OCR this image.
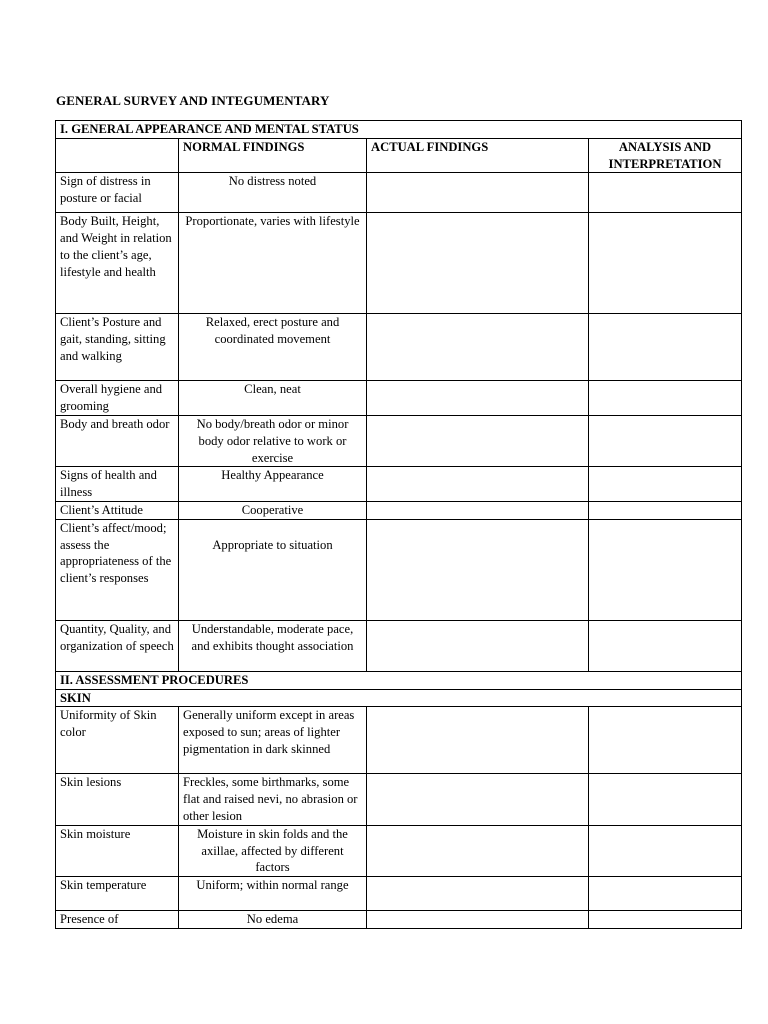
GENERAL SURVEY AND INTEGUMENTARY
I. GENERAL APPEARANCE AND MENTAL STATUS			
	NORMAL FINDINGS	ACTUAL FINDINGS	ANALYSIS AND INTERPRETATION
Sign of distress in posture or facial	No distress noted		
Body Built, Height, and Weight in relation to the client’s age, lifestyle and health	Proportionate, varies with lifestyle		
Client’s Posture and gait, standing, sitting and walking	Relaxed, erect posture and coordinated movement		
Overall hygiene and grooming	Clean, neat		
Body and breath odor	No body/breath odor or minor body odor relative to work or exercise		
Signs of health and illness	Healthy Appearance		
Client’s Attitude	Cooperative		
Client’s affect/mood; assess the appropriateness of the client’s responses	Appropriate to situation		
Quantity, Quality, and organization of speech	Understandable, moderate pace, and exhibits thought association		
II. ASSESSMENT PROCEDURES			
SKIN			
Uniformity of Skin color	Generally uniform except in areas exposed to sun; areas of lighter pigmentation in dark skinned		
Skin lesions	Freckles, some birthmarks, some flat and raised nevi, no abrasion or other lesion		
Skin moisture	Moisture in skin folds and the axillae, affected by different factors		
Skin temperature	Uniform; within normal range		
Presence of	No edema		
